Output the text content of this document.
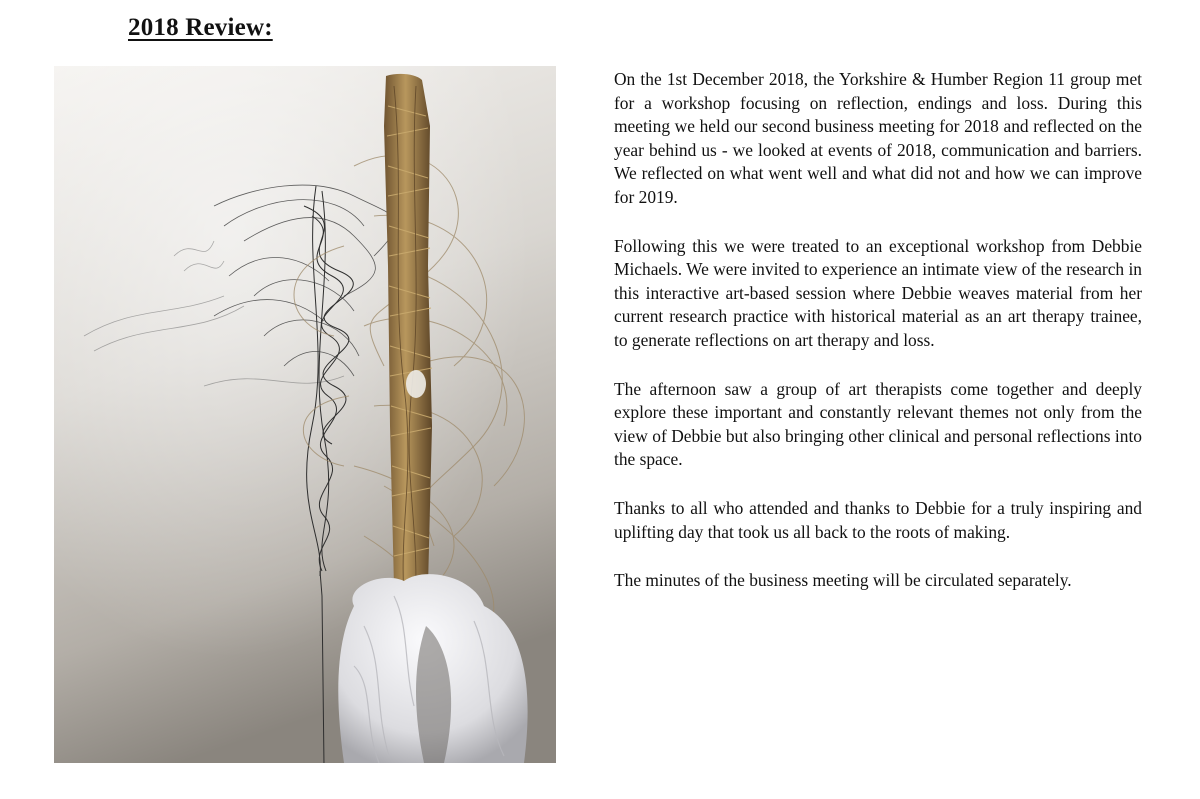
2018 Review:

On the 1st December 2018, the Yorkshire & Humber Region 11 group met for a workshop focusing on reflection, endings and loss. During this meeting we held our second business meeting for 2018 and reflected on the year behind us - we looked at events of 2018, communication and barriers. We reflected on what went well and what did not and how we can improve for 2019.

Following this we were treated to an exceptional workshop from Debbie Michaels. We were invited to experience an intimate view of the research in this interactive art-based session where Debbie weaves material from her current research practice with historical material as an art therapy trainee, to generate reflections on art therapy and loss.

The afternoon saw a group of art therapists come together and deeply explore these important and constantly relevant themes not only from the view of Debbie but also bringing other clinical and personal reflections into the space.

Thanks to all who attended and thanks to Debbie for a truly inspiring and uplifting day that took us all back to the roots of making.

The minutes of the business meeting will be circulated separately.
